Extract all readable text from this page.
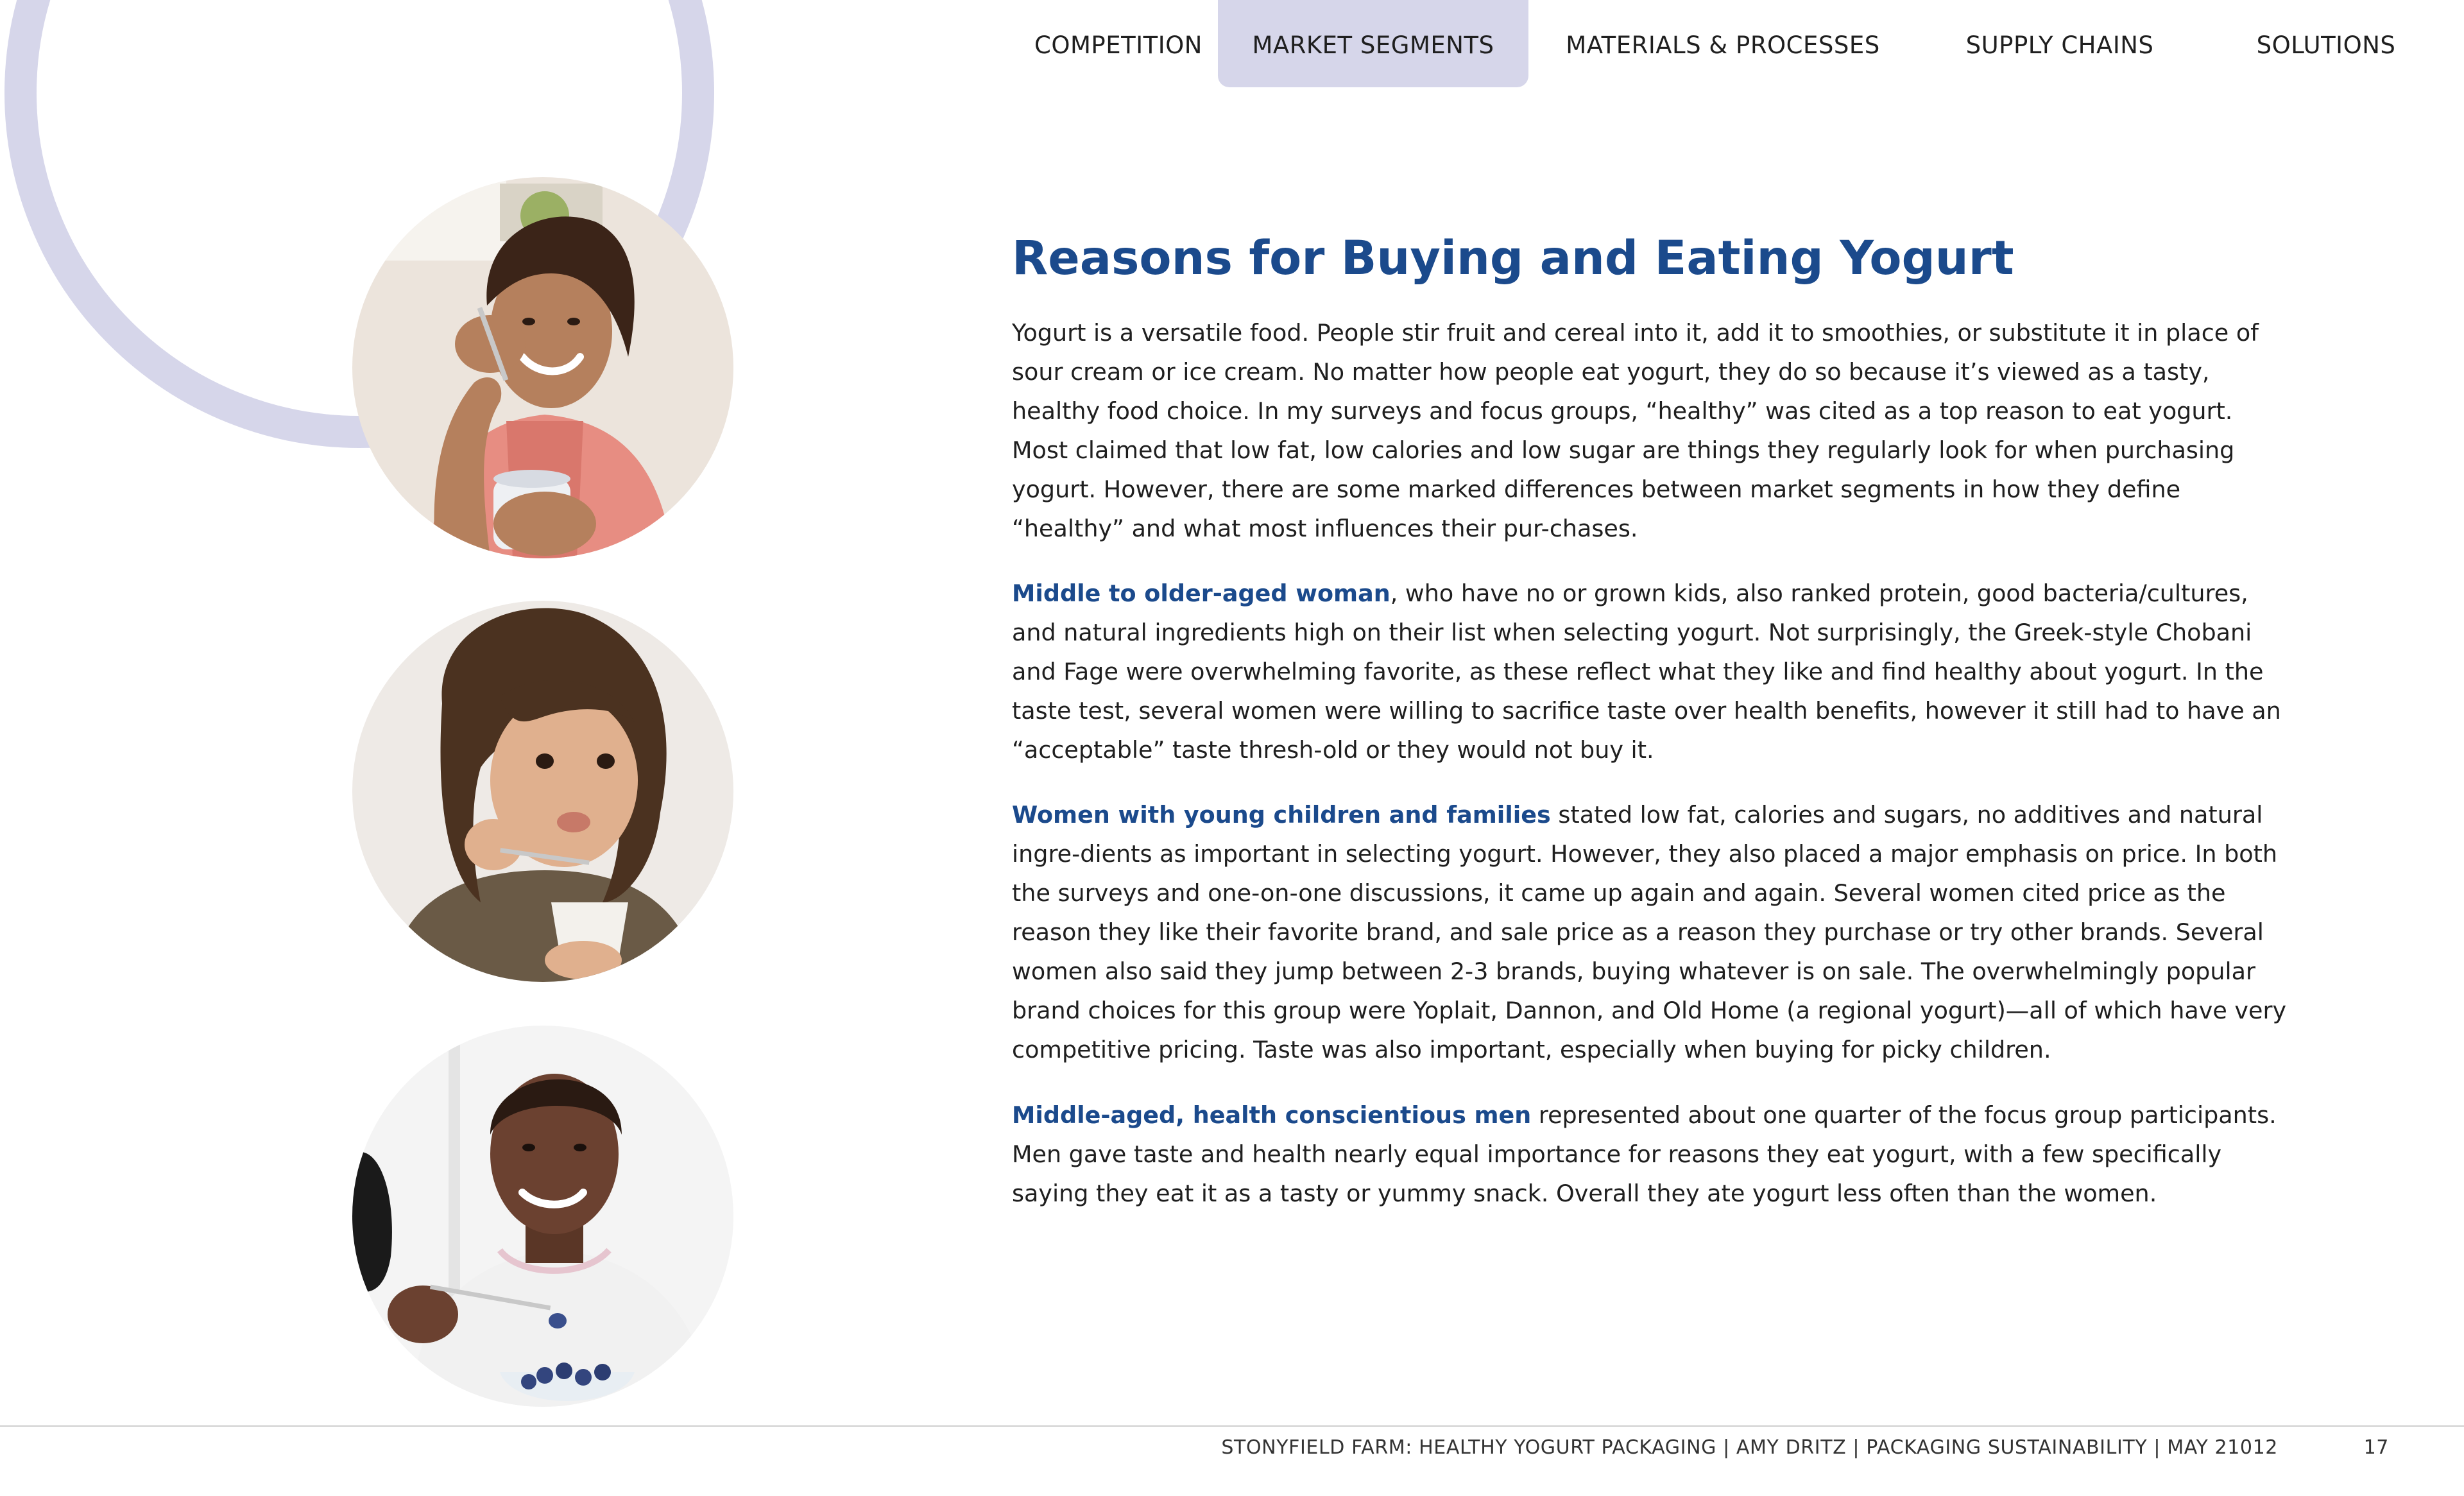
COMPETITION	MARKET SEGMENTS	MATERIALS & PROCESSES	SUPPLY CHAINS	SOLUTIONS
Reasons for Buying and Eating Yogurt

Yogurt is a versatile food. People stir fruit and cereal into it, add it to smoothies, or substitute it in place of sour cream or ice cream. No matter how people eat yogurt, they do so because it’s viewed as a tasty, healthy food choice. In my surveys and focus groups, “healthy” was cited as a top reason to eat yogurt. Most claimed that low fat, low calories and low sugar are things they regularly look for when purchasing yogurt. However, there are some marked differences between market segments in how they define “healthy” and what most influences their pur-chases.

Middle to older-aged woman, who have no or grown kids, also ranked protein, good bacteria/cultures, and natural ingredients high on their list when selecting yogurt. Not surprisingly, the Greek-style Chobani and Fage were overwhelming favorite, as these reflect what they like and find healthy about yogurt. In the taste test, several women were willing to sacrifice taste over health benefits, however it still had to have an “acceptable” taste thresh-old or they would not buy it.

Women with young children and families stated low fat, calories and sugars, no additives and natural ingre-dients as important in selecting yogurt. However, they also placed a major emphasis on price. In both the surveys and one-on-one discussions, it came up again and again. Several women cited price as the reason they like their favorite brand, and sale price as a reason they purchase or try other brands. Several women also said they jump between 2-3 brands, buying whatever is on sale. The overwhelmingly popular brand choices for this group were Yoplait, Dannon, and Old Home (a regional yogurt)—all of which have very competitive pricing. Taste was also important, especially when buying for picky children.

Middle-aged, health conscientious men represented about one quarter of the focus group participants. Men gave taste and health nearly equal importance for reasons they eat yogurt, with a few specifically saying they eat it as a tasty or yummy snack. Overall they ate yogurt less often than the women.

STONYFIELD FARM: HEALTHY YOGURT PACKAGING | AMY DRITZ | PACKAGING SUSTAINABILITY | MAY 21012	17
